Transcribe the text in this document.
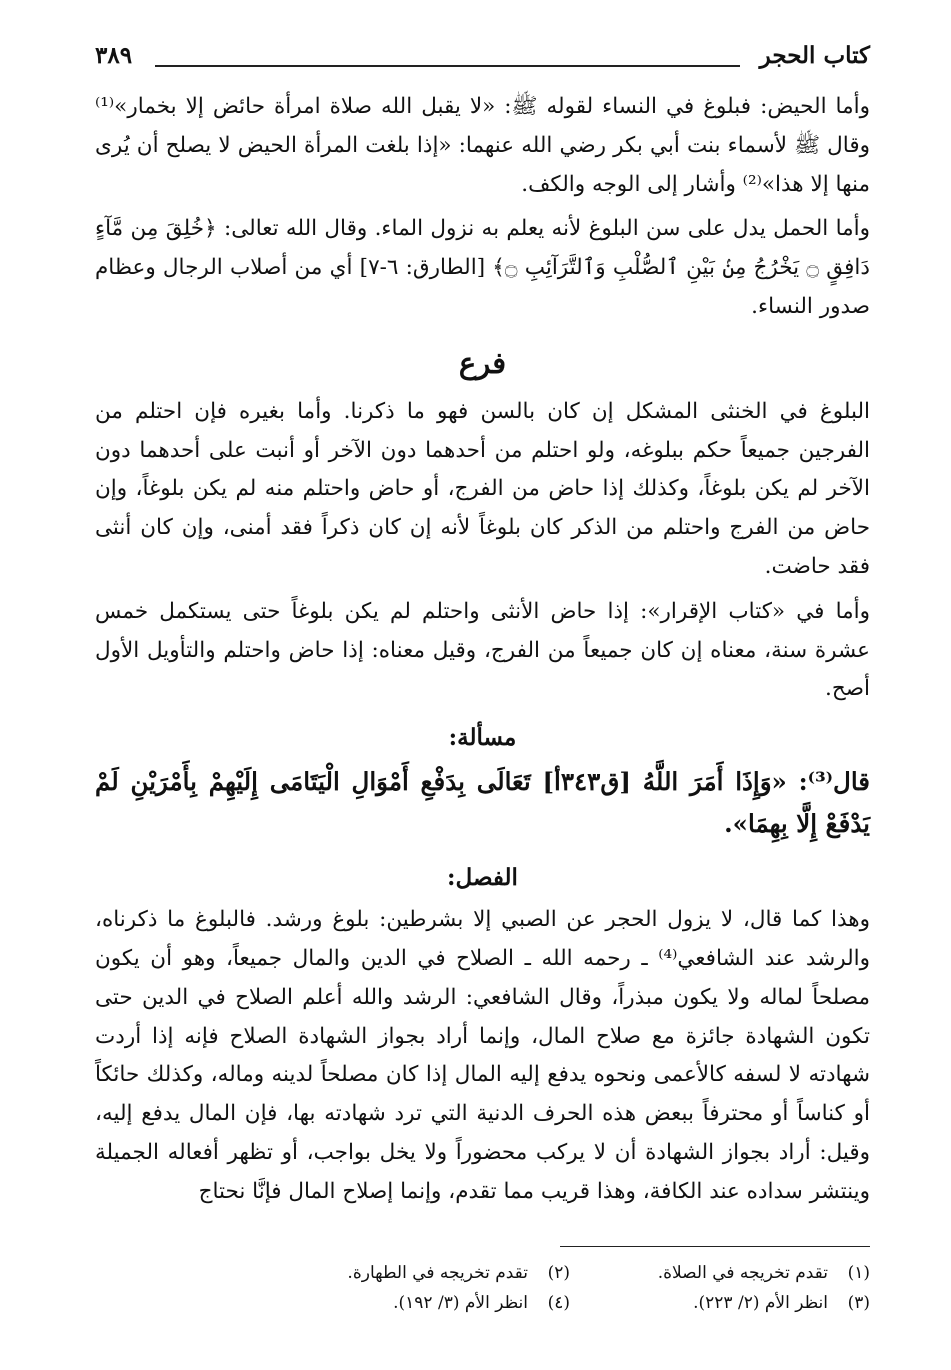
كتاب الحجر
٣٨٩

وأما الحيض: فبلوغ في النساء لقوله ﷺ: «لا يقبل الله صلاة امرأة حائض إلا بخمار»⁽¹⁾ وقال ﷺ لأسماء بنت أبي بكر رضي الله عنهما: «إذا بلغت المرأة الحيض لا يصلح أن يُرى منها إلا هذا»⁽²⁾ وأشار إلى الوجه والكف.

وأما الحمل يدل على سن البلوغ لأنه يعلم به نزول الماء. وقال الله تعالى: ﴿خُلِقَ مِن مَّآءٍ دَافِقٍ ۝ يَخْرُجُ مِنۢ بَيْنِ ٱلصُّلْبِ وَٱلتَّرَآئِبِ ۝﴾ [الطارق: ٦-٧] أي من أصلاب الرجال وعظام صدور النساء.

فرع

البلوغ في الخنثى المشكل إن كان بالسن فهو ما ذكرنا. وأما بغيره فإن احتلم من الفرجين جميعاً حكم ببلوغه، ولو احتلم من أحدهما دون الآخر أو أنبت على أحدهما دون الآخر لم يكن بلوغاً، وكذلك إذا حاض من الفرج، أو حاض واحتلم منه لم يكن بلوغاً، وإن حاض من الفرج واحتلم من الذكر كان بلوغاً لأنه إن كان ذكراً فقد أمنى، وإن كان أنثى فقد حاضت.

وأما في «كتاب الإقرار»: إذا حاض الأنثى واحتلم لم يكن بلوغاً حتى يستكمل خمس عشرة سنة، معناه إن كان جميعاً من الفرج، وقيل معناه: إذا حاض واحتلم والتأويل الأول أصح.

مسألة:

قال⁽³⁾: «وَإِذَا أَمَرَ اللَّهُ [ق٣٤٣أ] تَعَالَى بِدَفْعِ أَمْوَالِ الْيَتَامَى إِلَيْهِمْ بِأَمْرَيْنِ لَمْ يَدْفَعْ إِلَّا بِهِمَا».

الفصل:

وهذا كما قال، لا يزول الحجر عن الصبي إلا بشرطين: بلوغ ورشد. فالبلوغ ما ذكرناه، والرشد عند الشافعي⁽⁴⁾ ـ رحمه الله ـ الصلاح في الدين والمال جميعاً، وهو أن يكون مصلحاً لماله ولا يكون مبذراً، وقال الشافعي: الرشد والله أعلم الصلاح في الدين حتى تكون الشهادة جائزة مع صلاح المال، وإنما أراد بجواز الشهادة الصلاح فإنه إذا أردت شهادته لا لسفه كالأعمى ونحوه يدفع إليه المال إذا كان مصلحاً لدينه وماله، وكذلك حائكاً أو كناساً أو محترفاً ببعض هذه الحرف الدنية التي ترد شهادته بها، فإن المال يدفع إليه، وقيل: أراد بجواز الشهادة أن لا يركب محضوراً ولا يخل بواجب، أو تظهر أفعاله الجميلة وينتشر سداده عند الكافة، وهذا قريب مما تقدم، وإنما إصلاح المال فإنَّا نحتاج

(١)
تقدم تخريجه في الصلاة.
(٢)
تقدم تخريجه في الطهارة.
(٣)
انظر الأم (٢/ ٢٢٣).
(٤)
انظر الأم (٣/ ١٩٢).
